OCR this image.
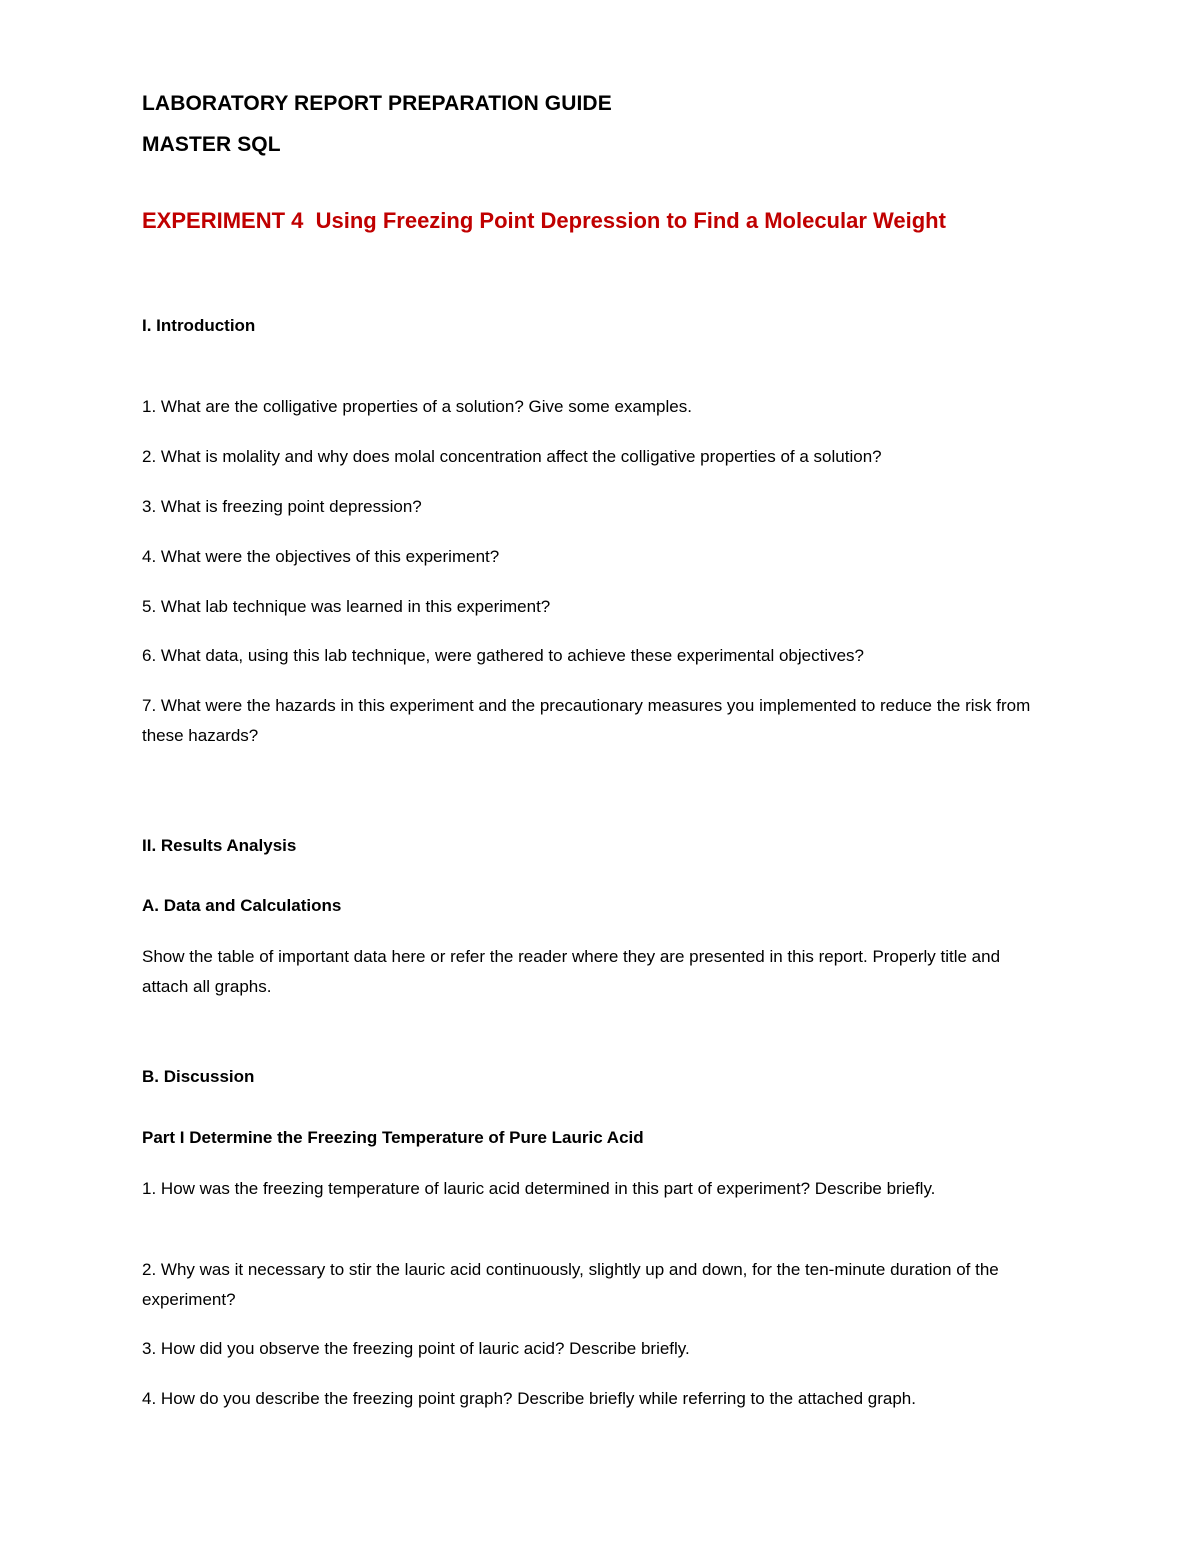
LABORATORY REPORT PREPARATION GUIDE
MASTER SQL
EXPERIMENT 4 Using Freezing Point Depression to Find a Molecular Weight
I. Introduction

1. What are the colligative properties of a solution? Give some examples.

2. What is molality and why does molal concentration affect the colligative properties of a solution?

3. What is freezing point depression?

4. What were the objectives of this experiment?

5. What lab technique was learned in this experiment?

6. What data, using this lab technique, were gathered to achieve these experimental objectives?

7. What were the hazards in this experiment and the precautionary measures you implemented to reduce the risk from these hazards?

II. Results Analysis
A. Data and Calculations

Show the table of important data here or refer the reader where they are presented in this report. Properly title and attach all graphs.

B. Discussion
Part I Determine the Freezing Temperature of Pure Lauric Acid

1. How was the freezing temperature of lauric acid determined in this part of experiment? Describe briefly.

2. Why was it necessary to stir the lauric acid continuously, slightly up and down, for the ten-minute duration of the experiment?

3. How did you observe the freezing point of lauric acid? Describe briefly.

4. How do you describe the freezing point graph? Describe briefly while referring to the attached graph.
